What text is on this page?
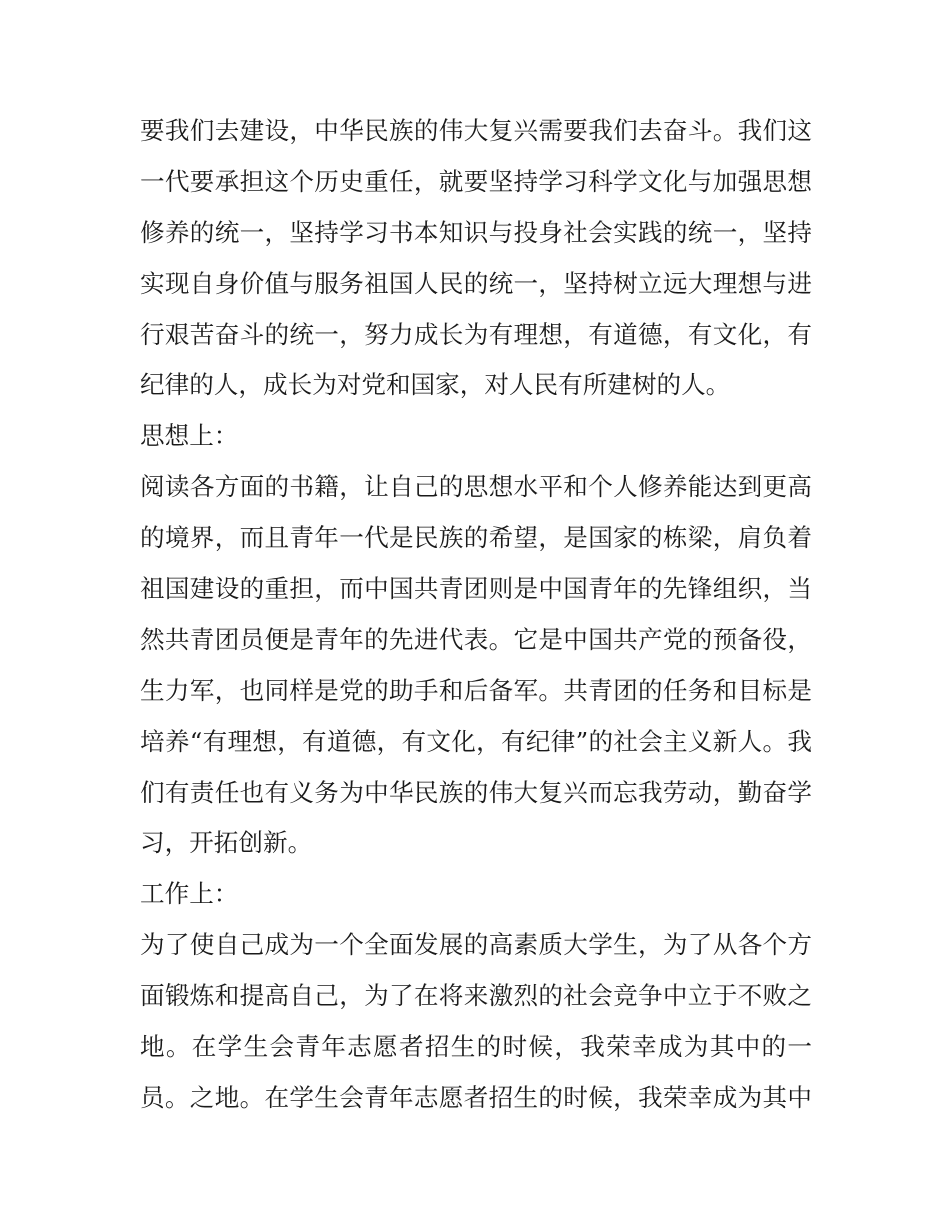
要我们去建设，中华民族的伟大复兴需要我们去奋斗。我们这
一代要承担这个历史重任，就要坚持学习科学文化与加强思想
修养的统一，坚持学习书本知识与投身社会实践的统一，坚持
实现自身价值与服务祖国人民的统一，坚持树立远大理想与进
行艰苦奋斗的统一，努力成长为有理想，有道德，有文化，有
纪律的人，成长为对党和国家，对人民有所建树的人。
思想上：
阅读各方面的书籍，让自己的思想水平和个人修养能达到更高
的境界，而且青年一代是民族的希望，是国家的栋梁，肩负着
祖国建设的重担，而中国共青团则是中国青年的先锋组织，当
然共青团员便是青年的先进代表。它是中国共产党的预备役，
生力军，也同样是党的助手和后备军。共青团的任务和目标是
培养“有理想，有道德，有文化，有纪律”的社会主义新人。我
们有责任也有义务为中华民族的伟大复兴而忘我劳动，勤奋学
习，开拓创新。
工作上：
为了使自己成为一个全面发展的高素质大学生，为了从各个方
面锻炼和提高自己，为了在将来激烈的社会竞争中立于不败之
地。在学生会青年志愿者招生的时候，我荣幸成为其中的一
员。之地。在学生会青年志愿者招生的时候，我荣幸成为其中
